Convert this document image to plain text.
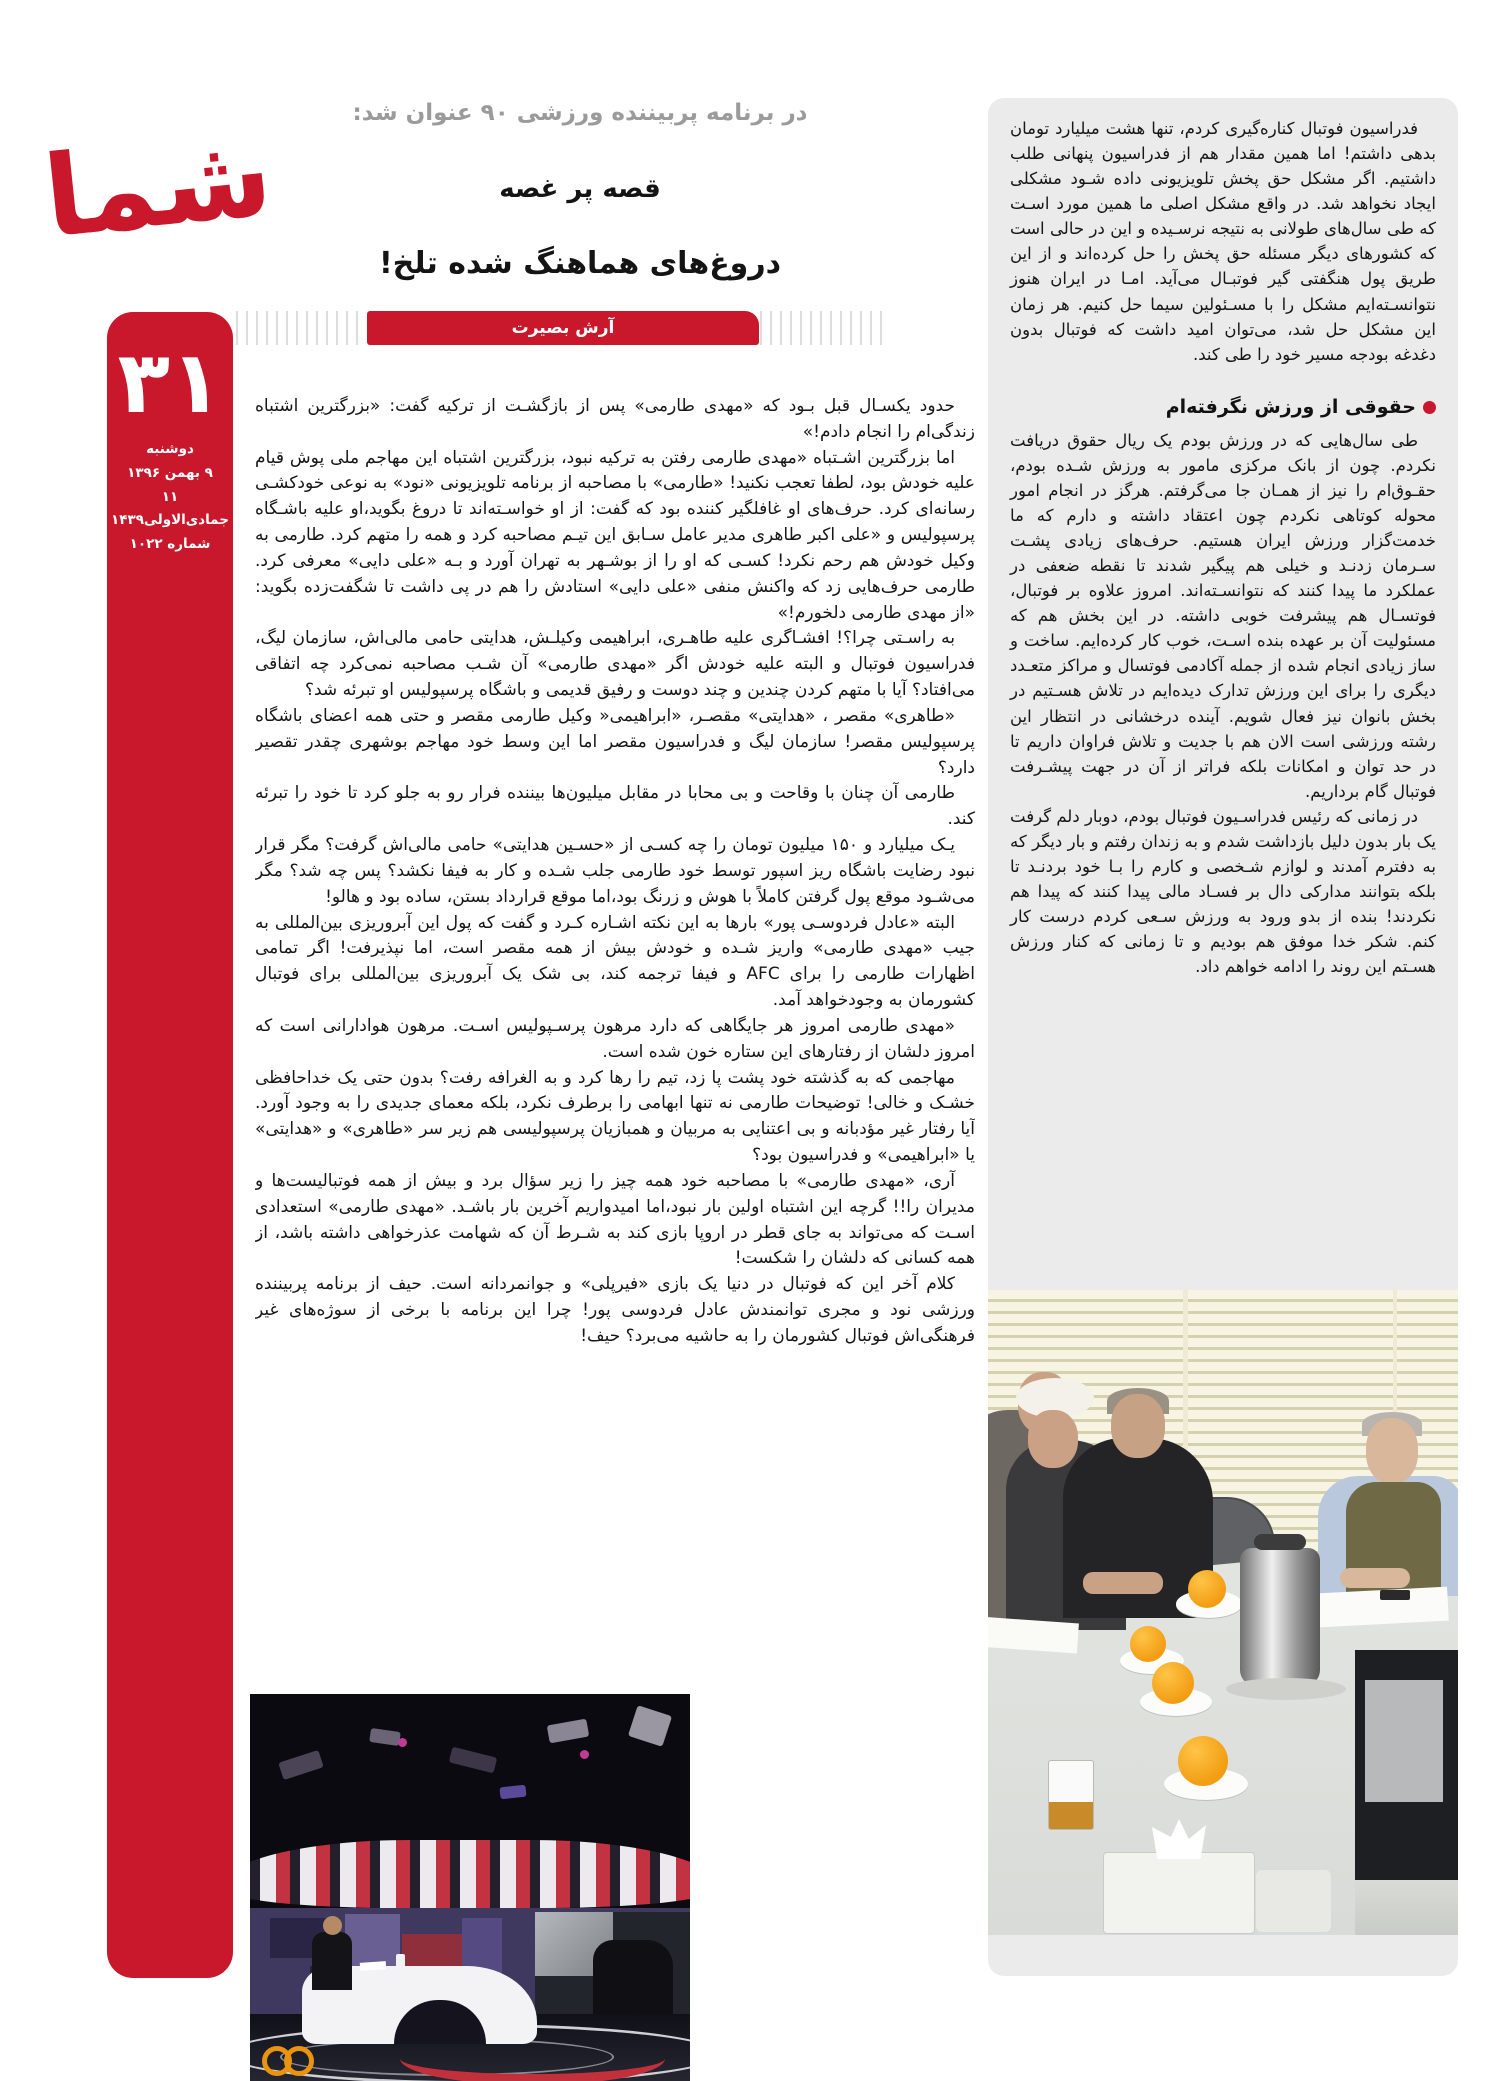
شما
۳۱
دوشنبه
۹ بهمن ۱۳۹۶
۱۱ جمادی‌الاولی۱۴۳۹
شماره ۱۰۲۲
در برنامه پربیننده ورزشی ۹۰ عنوان شد:
قصه پر غصه
دروغ‌های هماهنگ شده تلخ!
آرش بصیرت

حدود یکسـال قبل بـود که «مهدی طارمی» پس از بازگشـت از ترکیه گفت: «بزرگترین اشتباه زندگی‌ام را انجام دادم!»

اما بزرگترین اشـتباه «مهدی طارمی رفتن به ترکیه نبود، بزرگترین اشتباه این مهاجم ملی پوش قیام علیه خودش بود، لطفا تعجب نکنید! «طارمی» با مصاحبه از برنامه تلویزیونی «نود» به نوعی خودکشـی رسانه‌ای کرد. حرف‌های او غافلگیر کننده بود که گفت: از او خواسـته‌اند تا دروغ بگوید،او علیه باشـگاه پرسپولیس و «علی اکبر طاهری مدیر عامل سـابق این تیـم مصاحبه کرد و همه را متهم کرد. طارمی به وکیل خودش هم رحم نکرد! کسـی که او را از بوشـهر به تهران آورد و بـه «علی دایی» معرفی کرد. طارمی حرف‌هایی زد که واکنش منفی «علی دایی» استادش را هم در پی داشت تا شگفت‌زده بگوید: «از مهدی طارمی دلخورم!»

به راسـتی چرا؟! افشـاگری علیه طاهـری، ابراهیمی وکیلـش، هدایتی حامی مالی‌اش، سازمان لیگ، فدراسیون فوتبال و البته علیه خودش اگر «مهدی طارمی» آن شـب مصاحبه نمی‌کرد چه اتفاقی می‌افتاد؟ آیا با متهم کردن چندین و چند دوست و رفیق قدیمی و باشگاه پرسپولیس او تبرئه شد؟

«طاهری» مقصر ، «هدایتی» مقصـر، «ابراهیمی« وکیل طارمی مقصر و حتی همه اعضای باشگاه پرسپولیس مقصر! سازمان لیگ و فدراسیون مقصر اما این وسط خود مهاجم بوشهری چقدر تقصیر دارد؟

طارمی آن چنان با وقاحت و بی محابا در مقابل میلیون‌ها بیننده فرار رو به جلو کرد تا خود را تبرئه کند.

یـک میلیارد و ۱۵۰ میلیون تومان را چه کسـی از «حسـین هدایتی» حامی مالی‌اش گرفت؟ مگر قرار نبود رضایت باشگاه ریز اسپور توسط خود طارمی جلب شـده و کار به فیفا نکشد؟ پس چه شد؟ مگر می‌شـود موقع پول گرفتن کاملاً با هوش و زرنگ بود،اما موقع قرارداد بستن، ساده بود و هالو!

البته «عادل فردوسـی پور» بارها به این نکته اشـاره کـرد و گفت که پول این آبروریزی بین‌المللی به جیب «مهدی طارمی» واریز شـده و خودش بیش از همه مقصر است، اما نپذیرفت! اگر تمامی اظهارات طارمی را برای AFC و فیفا ترجمه کند، بی شک یک آبروریزی بین‌المللی برای فوتبال کشورمان به وجودخواهد آمد.

«مهدی طارمی امروز هر جایگاهی که دارد مرهون پرسـپولیس اسـت. مرهون هوادارانی است که امروز دلشان از رفتارهای این ستاره خون شده است.

مهاجمی که به گذشته خود پشت پا زد، تیم را رها کرد و به الغرافه رفت؟ بدون حتی یک خداحافظی خشـک و خالی! توضیحات طارمی نه تنها ابهامی را برطرف نکرد، بلکه معمای جدیدی را به وجود آورد. آیا رفتار غیر مؤدبانه و بی اعتنایی به مربیان و همبازیان پرسپولیسی هم زیر سر «طاهری» و «هدایتی» یا «ابراهیمی» و فدراسیون بود؟

آری، «مهدی طارمی» با مصاحبه خود همه چیز را زیر سؤال برد و بیش از همه فوتبالیست‌ها و مدیران را!! گرچه این اشتباه اولین بار نبود،اما امیدواریم آخرین بار باشـد. «مهدی طارمی» استعدادی اسـت که می‌تواند به جای قطر در اروپا بازی کند به شـرط آن که شهامت عذرخواهی داشته باشد، از همه کسانی که دلشان را شکست!

کلام آخر این که فوتبال در دنیا یک بازی «فیرپلی» و جوانمردانه است. حیف از برنامه پربیننده ورزشی نود و مجری توانمندش عادل فردوسی پور! چرا این برنامه با برخی از سوژه‌های غیر فرهنگی‌اش فوتبال کشورمان را به حاشیه می‌برد؟ حیف!

فدراسیون فوتبال کناره‌گیری کردم، تنها هشت میلیارد تومان بدهی داشتم! اما همین مقدار هم از فدراسیون پنهانی طلب داشتیم. اگر مشکل حق پخش تلویزیونی داده شـود مشکلی ایجاد نخواهد شد. در واقع مشکل اصلی ما همین مورد اسـت که طی سال‌های طولانی به نتیجه نرسـیده و این در حالی است که کشورهای دیگر مسئله حق پخش را حل کرده‌اند و از این طریق پول هنگفتی گیر فوتبـال می‌آید. امـا در ایران هنوز نتوانسـته‌ایم مشکل را با مسـئولین سیما حل کنیم. هر زمان این مشکل حل شد، می‌توان امید داشت که فوتبال بدون دغدغه بودجه مسیر خود را طی کند.

حقوقی از ورزش نگرفته‌ام

طی سال‌هایی که در ورزش بودم یک ریال حقوق دریافت نکردم. چون از بانک مرکزی مامور به ورزش شـده بودم، حقـوق‌ام را نیز از همـان جا می‌گرفتم. هرگز در انجام امور محوله کوتاهی نکردم چون اعتقاد داشته و دارم که ما خدمت‌گزار ورزش ایران هستیم. حرف‌های زیادی پشـت سـرمان زدنـد و خیلی هم پیگیر شدند تا نقطه ضعفی در عملکرد ما پیدا کنند که نتوانسـته‌اند. امروز علاوه بر فوتبال، فوتسـال هم پیشرفت خوبی داشته. در این بخش هم که مسئولیت آن بر عهده بنده اسـت، خوب کار کرده‌ایم. ساخت و ساز زیادی انجام شده از جمله آکادمی فوتسال و مراکز متعـدد دیگری را برای این ورزش تدارک دیده‌ایم در تلاش هسـتیم در بخش بانوان نیز فعال شویم. آینده درخشانی در انتظار این رشته ورزشی است الان هم با جدیت و تلاش فراوان داریم تا در حد توان و امکانات بلکه فراتر از آن در جهت پیشـرفت فوتبال گام برداریم.

در زمانی که رئیس فدراسـیون فوتبال بودم، دوبار دلم گرفت یک بار بدون دلیل بازداشت شدم و به زندان رفتم و بار دیگر که به دفترم آمدند و لوازم شـخصی و کارم را بـا خود بردنـد تا بلکه بتوانند مدارکی دال بر فسـاد مالی پیدا کنند که پیدا هم نکردند! بنده از بدو ورود به ورزش سـعی کردم درست کار کنم. شکر خدا موفق هم بودیم و تا زمانی که کنار ورزش هسـتم این روند را ادامه خواهم داد.
